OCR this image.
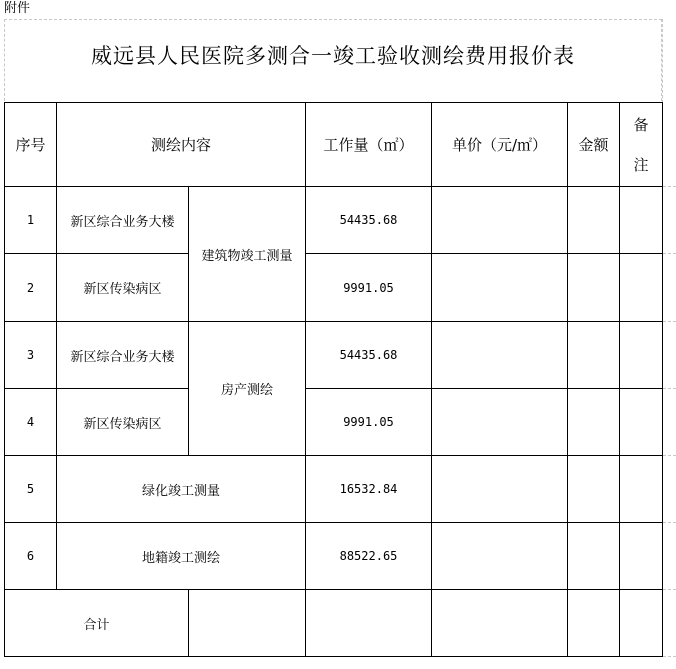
附件
威远县人民医院多测合一竣工验收测绘费用报价表
序号	测绘内容		工作量（㎡）	单价（元/㎡）	金额	备
注
1	新区综合业务大楼	建筑物竣工测量	54435.68			
2	新区传染病区		9991.05			
3	新区综合业务大楼	房产测绘	54435.68			
4	新区传染病区		9991.05			
5	绿化竣工测量		16532.84			
6	地籍竣工测绘		88522.65			
合计						
